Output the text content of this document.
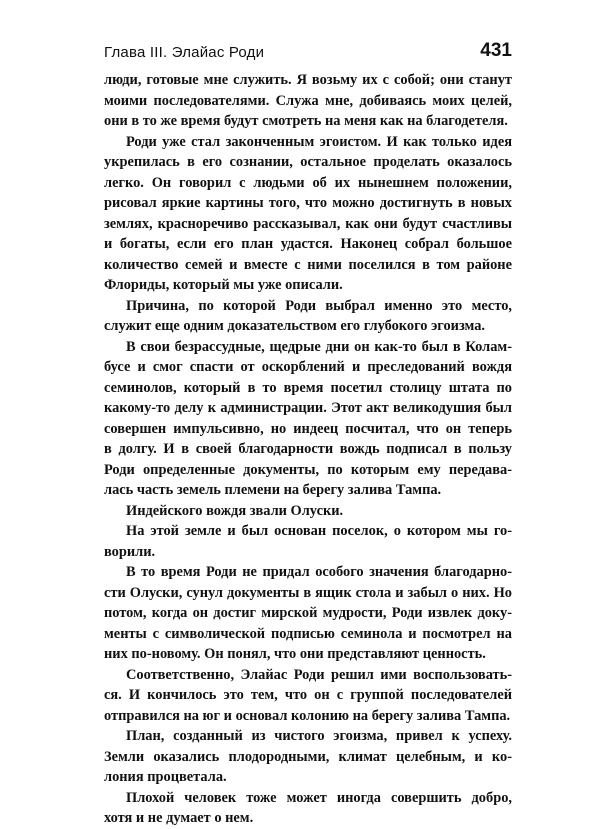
Глава III. Элайас Роди	431
люди, готовые мне служить. Я возьму их с собой; они станут
моими последователями. Служа мне, добиваясь моих целей,
они в то же время будут смотреть на меня как на благодетеля.
Роди уже стал законченным эгоистом. И как только идея
укрепилась в его сознании, остальное проделать оказалось
легко. Он говорил с людьми об их нынешнем положении,
рисовал яркие картины того, что можно достигнуть в новых
землях, красноречиво рассказывал, как они будут счастливы
и богаты, если его план удастся. Наконец собрал большое
количество семей и вместе с ними поселился в том районе
Флориды, который мы уже описали.
Причина, по которой Роди выбрал именно это место,
служит еще одним доказательством его глубокого эгоизма.
В свои безрассудные, щедрые дни он как-то был в Колам-
бусе и смог спасти от оскорблений и преследований вождя
семинолов, который в то время посетил столицу штата по
какому-то делу к администрации. Этот акт великодушия был
совершен импульсивно, но индеец посчитал, что он теперь
в долгу. И в своей благодарности вождь подписал в пользу
Роди определенные документы, по которым ему передава-
лась часть земель племени на берегу залива Тампа.
Индейского вождя звали Олуски.
На этой земле и был основан поселок, о котором мы го-
ворили.
В то время Роди не придал особого значения благодарно-
сти Олуски, сунул документы в ящик стола и забыл о них. Но
потом, когда он достиг мирской мудрости, Роди извлек доку-
менты с символической подписью семинола и посмотрел на
них по-новому. Он понял, что они представляют ценность.
Соответственно, Элайас Роди решил ими воспользовать-
ся. И кончилось это тем, что он с группой последователей
отправился на юг и основал колонию на берегу залива Тампа.
План, созданный из чистого эгоизма, привел к успеху.
Земли оказались плодородными, климат целебным, и ко-
лония процветала.
Плохой человек тоже может иногда совершить добро,
хотя и не думает о нем.
